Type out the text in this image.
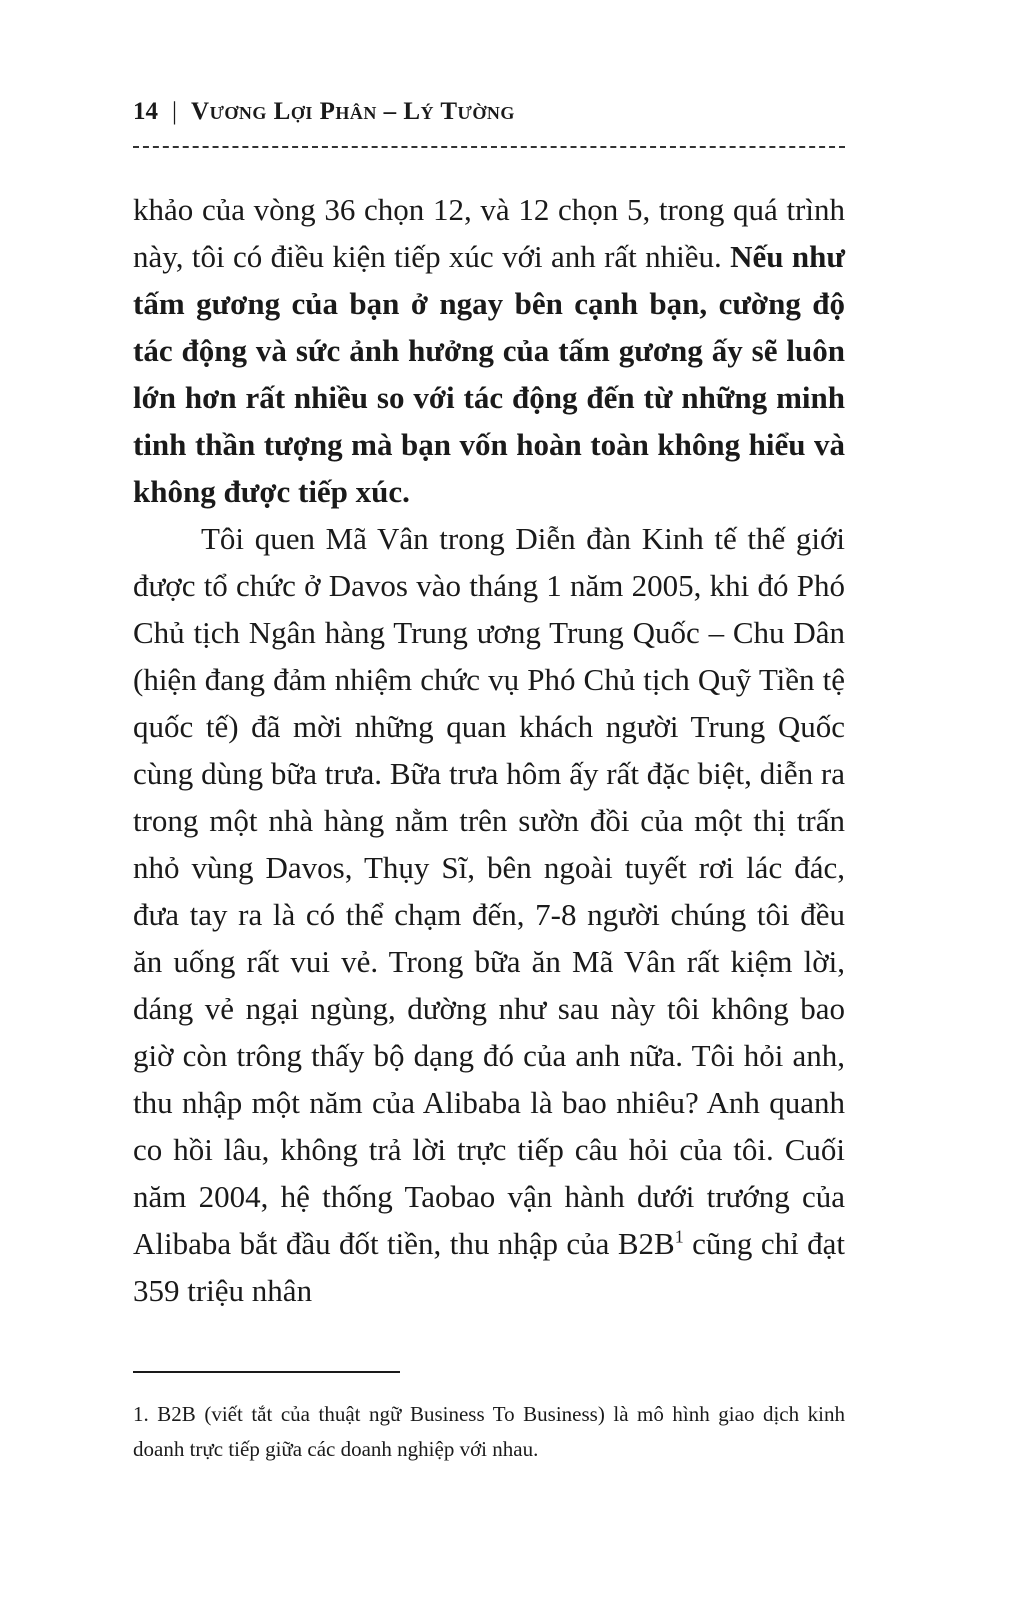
14 | Vương Lợi Phân – Lý Tường

khảo của vòng 36 chọn 12, và 12 chọn 5, trong quá trình này, tôi có điều kiện tiếp xúc với anh rất nhiều. Nếu như tấm gương của bạn ở ngay bên cạnh bạn, cường độ tác động và sức ảnh hưởng của tấm gương ấy sẽ luôn lớn hơn rất nhiều so với tác động đến từ những minh tinh thần tượng mà bạn vốn hoàn toàn không hiểu và không được tiếp xúc.

Tôi quen Mã Vân trong Diễn đàn Kinh tế thế giới được tổ chức ở Davos vào tháng 1 năm 2005, khi đó Phó Chủ tịch Ngân hàng Trung ương Trung Quốc – Chu Dân (hiện đang đảm nhiệm chức vụ Phó Chủ tịch Quỹ Tiền tệ quốc tế) đã mời những quan khách người Trung Quốc cùng dùng bữa trưa. Bữa trưa hôm ấy rất đặc biệt, diễn ra trong một nhà hàng nằm trên sườn đồi của một thị trấn nhỏ vùng Davos, Thụy Sĩ, bên ngoài tuyết rơi lác đác, đưa tay ra là có thể chạm đến, 7-8 người chúng tôi đều ăn uống rất vui vẻ. Trong bữa ăn Mã Vân rất kiệm lời, dáng vẻ ngại ngùng, dường như sau này tôi không bao giờ còn trông thấy bộ dạng đó của anh nữa. Tôi hỏi anh, thu nhập một năm của Alibaba là bao nhiêu? Anh quanh co hồi lâu, không trả lời trực tiếp câu hỏi của tôi. Cuối năm 2004, hệ thống Taobao vận hành dưới trướng của Alibaba bắt đầu đốt tiền, thu nhập của B2B$^1$ cũng chỉ đạt 359 triệu nhân

1. B2B (viết tắt của thuật ngữ Business To Business) là mô hình giao dịch kinh doanh trực tiếp giữa các doanh nghiệp với nhau.
